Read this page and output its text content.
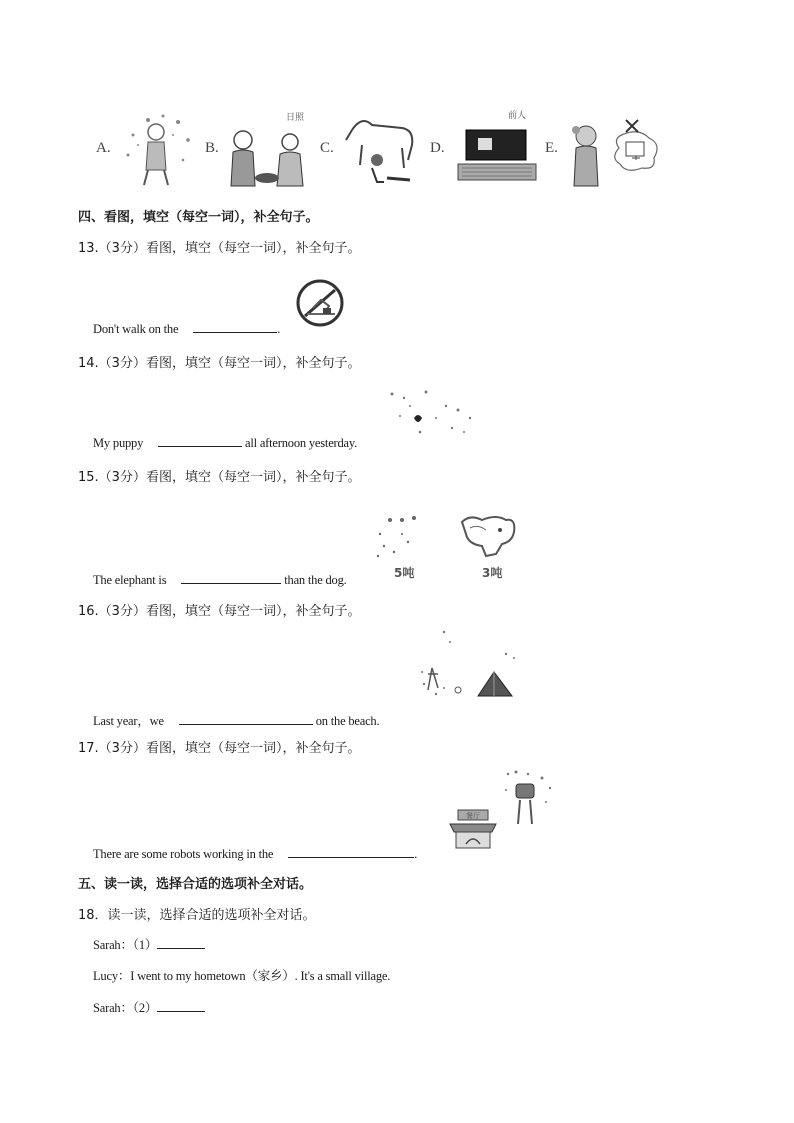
A.	B.
日照
C.
前人
D.	E.
四、看图，填空（每空一词），补全句子。
13.（3分）看图，填空（每空一词），补全句子。
Don't walk on the	.
14.（3分）看图，填空（每空一词），补全句子。
My puppy	all afternoon yesterday.
15.（3分）看图，填空（每空一词），补全句子。
5吨	3吨
The elephant is	than the dog.
16.（3分）看图，填空（每空一词），补全句子。
Last year，we	on the beach.
17.（3分）看图，填空（每空一词），补全句子。
餐厅
There are some robots working in the	.
五、读一读，选择合适的选项补全对话。
18．读一读，选择合适的选项补全对话。
Sarah：（1）
Lucy：I went to my hometown（家乡）. It's a small village.
Sarah：（2）
